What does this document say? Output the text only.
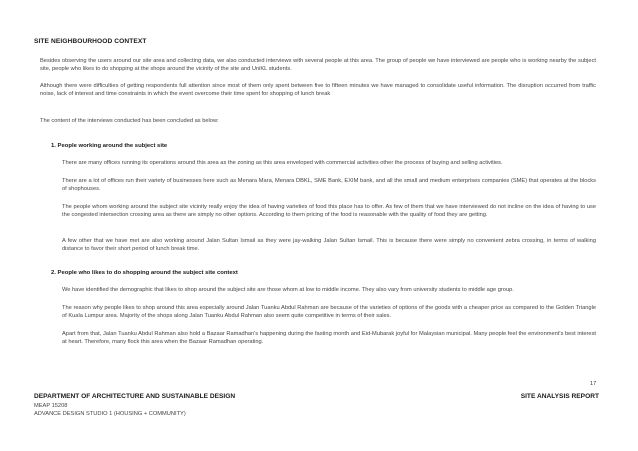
SITE NEIGHBOURHOOD CONTEXT

Besides observing the users around our site area and collecting data, we also conducted interviews with several people at this area. The group of people we have interviewed are people who is working nearby the subject site, people who likes to do shopping at the shops around the vicinity of the site and UniKL students.

Although there were difficulties of getting respondents full attention since most of them only spent between five to fifteen minutes we have managed to consolidate useful information. The disruption occurred from traffic noise, lack of interest and time constraints in which the event overcome their time spent for shopping of lunch break

The content of the interviews conducted has been concluded as below:

1. People working around the subject site

There are many offices running its operations around this area as the zoning as this area enveloped with commercial activities other the process of buying and selling activities.

There are a lot of offices run their variety of businesses here such as Menara Mara, Menara DBKL, SME Bank, EXIM bank, and all the small and medium enterprises companies (SME) that operates at the blocks of shophouses.

The people whom working around the subject site vicinity really enjoy the idea of having varieties of food this place has to offer. As few of them that we have interviewed do not incline on the idea of having to use the congested intersection crossing area as there are simply no other options. According to them pricing of the food is reasonable with the quality of food they are getting.

A few other that we have met are also working around Jalan Sultan Ismail as they were jay-walking Jalan Sultan Ismail. This is because there were simply no convenient zebra crossing, in terms of walking distance to favor their short period of lunch break time.

2. People who likes to do shopping around the subject site context

We have identified the demographic that likes to shop around the subject site are those whom at low to middle income. They also vary from university students to middle age group.

The reason why people likes to shop around this area especially around Jalan Tuanku Abdul Rahman are because of the varieties of options of the goods with a cheaper price as compared to the Golden Triangle of Kuala Lumpur area. Majority of the shops along Jalan Tuanku Abdul Rahman also seem quite competitive in terms of their sales.

Apart from that, Jalan Tuanku Abdul Rahman also hold a Bazaar Ramadhan's happening during the fasting month and Eid-Mubarak joyful for Malaysian municipal. Many people feel the environment's best interest at heart. Therefore, many flock this area when the Bazaar Ramadhan operating.

17
DEPARTMENT OF ARCHITECTURE AND SUSTAINABLE DESIGN
MEAP 15208
ADVANCE DESIGN STUDIO 1 (HOUSING + COMMUNITY)
SITE ANALYSIS REPORT
